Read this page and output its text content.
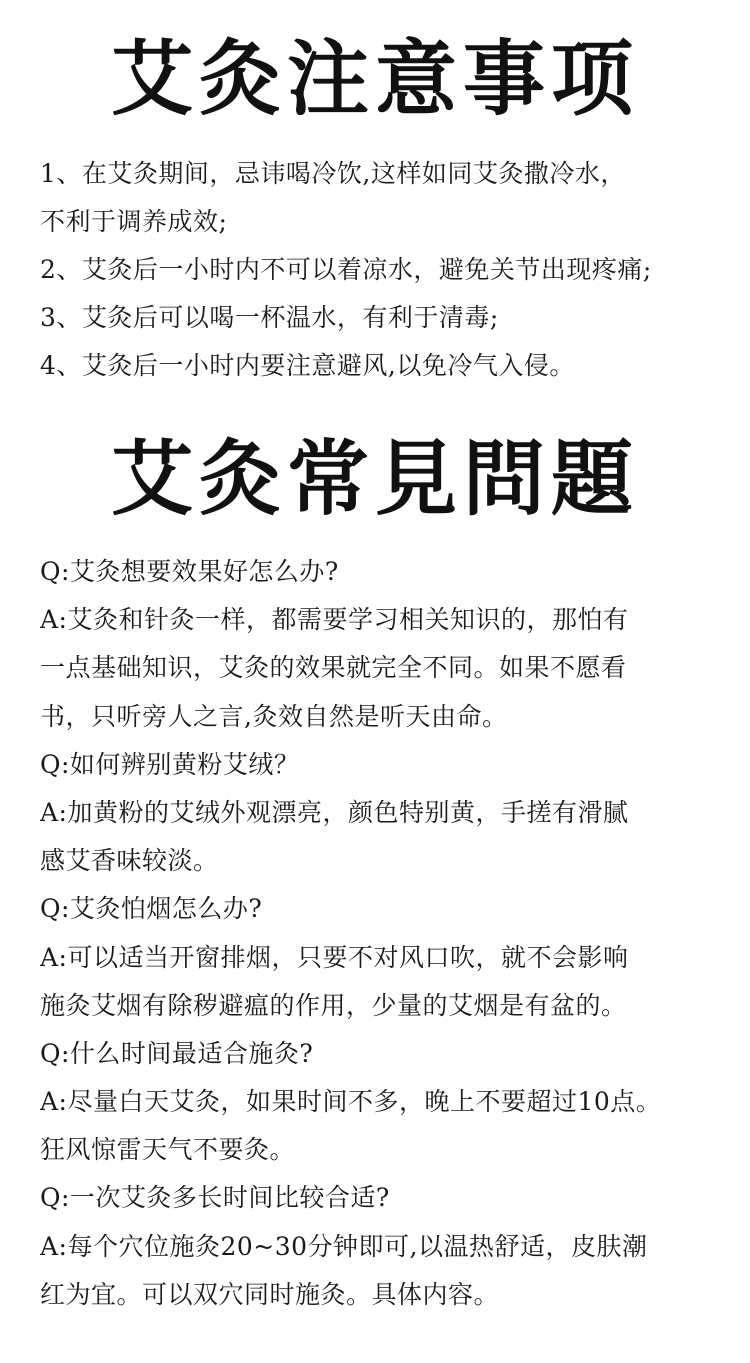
艾灸注意事项

1、在艾灸期间，忌讳喝冷饮,这样如同艾灸撒冷水，

不利于调养成效;

2、艾灸后一小时内不可以着凉水，避免关节出现疼痛;

3、艾灸后可以喝一杯温水，有利于清毒;

4、艾灸后一小时内要注意避风,以免冷气入侵。

艾灸常見問題

Q:艾灸想要效果好怎么办?

A:艾灸和针灸一样，都需要学习相关知识的，那怕有

一点基础知识，艾灸的效果就完全不同。如果不愿看

书，只听旁人之言,灸效自然是听天由命。

Q:如何辨别黄粉艾绒？

A:加黄粉的艾绒外观漂亮，颜色特别黄，手搓有滑腻

感艾香味较淡。

Q:艾灸怕烟怎么办?

A:可以适当开窗排烟，只要不对风口吹，就不会影响

施灸艾烟有除秽避瘟的作用，少量的艾烟是有盆的。

Q:什么时间最适合施灸?

A:尽量白天艾灸，如果时间不多，晚上不要超过10点。

狂风惊雷天气不要灸。

Q:一次艾灸多长时间比较合适?

A:每个穴位施灸20~30分钟即可,以温热舒适，皮肤潮

红为宜。可以双穴同时施灸。具体内容。
